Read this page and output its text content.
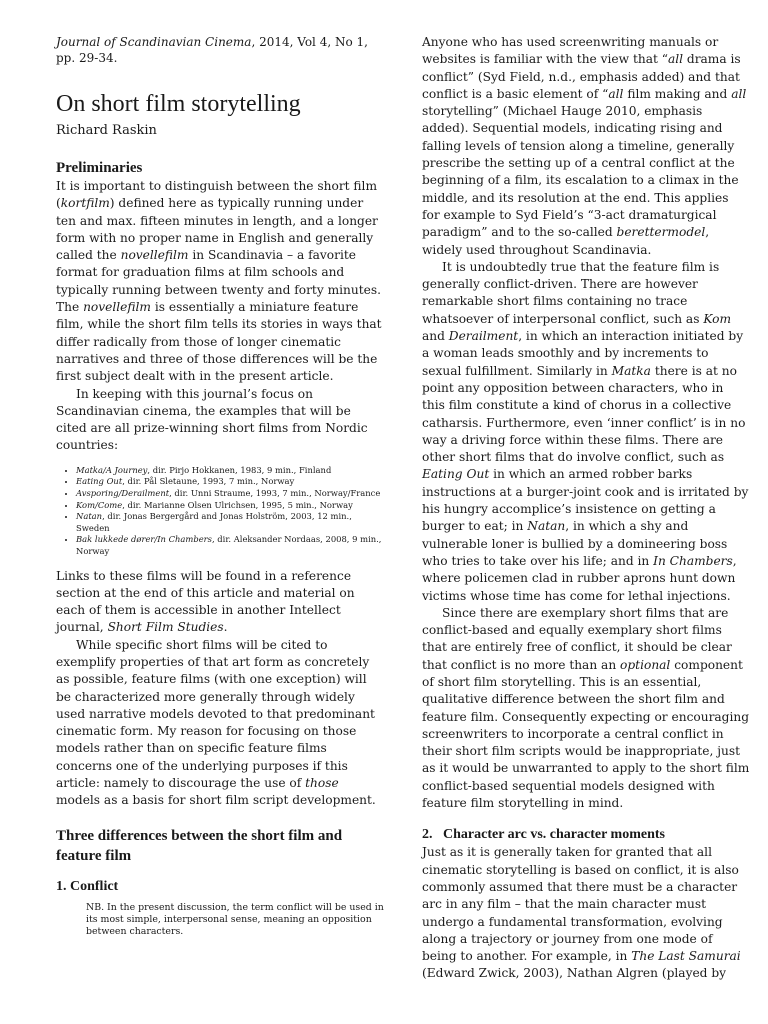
Journal of Scandinavian Cinema, 2014, Vol 4, No 1, pp. 29-34.

On short film storytelling
Richard Raskin
Preliminaries

It is important to distinguish between the short film (kortfilm) defined here as typically running under ten and max. fifteen minutes in length, and a longer form with no proper name in English and generally called the novellefilm in Scandinavia – a favorite format for graduation films at film schools and typically running between twenty and forty minutes. The novellefilm is essentially a miniature feature film, while the short film tells its stories in ways that differ radically from those of longer cinematic narratives and three of those differences will be the first subject dealt with in the present article.

In keeping with this journal’s focus on Scandinavian cinema, the examples that will be cited are all prize-winning short films from Nordic countries:

• Matka/A Journey, dir. Pirjo Hokkanen, 1983, 9 min., Finland
• Eating Out, dir. Pål Sletaune, 1993, 7 min., Norway
• Avsporing/Derailment, dir. Unni Straume, 1993, 7 min., Norway/France
• Kom/Come, dir. Marianne Olsen Ulrichsen, 1995, 5 min., Norway
• Natan, dir. Jonas Bergergård and Jonas Holström, 2003, 12 min., Sweden
• Bak lukkede dører/In Chambers, dir. Aleksander Nordaas, 2008, 9 min., Norway

Links to these films will be found in a reference section at the end of this article and material on each of them is accessible in another Intellect journal, Short Film Studies.

While specific short films will be cited to exemplify properties of that art form as concretely as possible, feature films (with one exception) will be characterized more generally through widely used narrative models devoted to that predominant cinematic form. My reason for focusing on those models rather than on specific feature films concerns one of the underlying purposes if this article: namely to discourage the use of those models as a basis for short film script development.

Three differences between the short film and feature film
1. Conflict

NB. In the present discussion, the term conflict will be used in its most simple, interpersonal sense, meaning an opposition between characters.

Anyone who has used screenwriting manuals or websites is familiar with the view that “all drama is conflict” (Syd Field, n.d., emphasis added) and that conflict is a basic element of “all film making and all storytelling” (Michael Hauge 2010, emphasis added). Sequential models, indicating rising and falling levels of tension along a timeline, generally prescribe the setting up of a central conflict at the beginning of a film, its escalation to a climax in the middle, and its resolution at the end. This applies for example to Syd Field’s “3-act dramaturgical paradigm” and to the so-called berettermodel, widely used throughout Scandinavia.

It is undoubtedly true that the feature film is generally conflict-driven. There are however remarkable short films containing no trace whatsoever of interpersonal conflict, such as Kom and Derailment, in which an interaction initiated by a woman leads smoothly and by increments to sexual fulfillment. Similarly in Matka there is at no point any opposition between characters, who in this film constitute a kind of chorus in a collective catharsis. Furthermore, even ‘inner conflict’ is in no way a driving force within these films. There are other short films that do involve conflict, such as Eating Out in which an armed robber barks instructions at a burger-joint cook and is irritated by his hungry accomplice’s insistence on getting a burger to eat; in Natan, in which a shy and vulnerable loner is bullied by a domineering boss who tries to take over his life; and in In Chambers, where policemen clad in rubber aprons hunt down victims whose time has come for lethal injections.

Since there are exemplary short films that are conflict-based and equally exemplary short films that are entirely free of conflict, it should be clear that conflict is no more than an optional component of short film storytelling. This is an essential, qualitative difference between the short film and feature film. Consequently expecting or encouraging screenwriters to incorporate a central conflict in their short film scripts would be inappropriate, just as it would be unwarranted to apply to the short film conflict-based sequential models designed with feature film storytelling in mind.

2.   Character arc vs. character moments

Just as it is generally taken for granted that all cinematic storytelling is based on conflict, it is also commonly assumed that there must be a character arc in any film – that the main character must undergo a fundamental transformation, evolving along a trajectory or journey from one mode of being to another. For example, in The Last Samurai (Edward Zwick, 2003), Nathan Algren (played by
